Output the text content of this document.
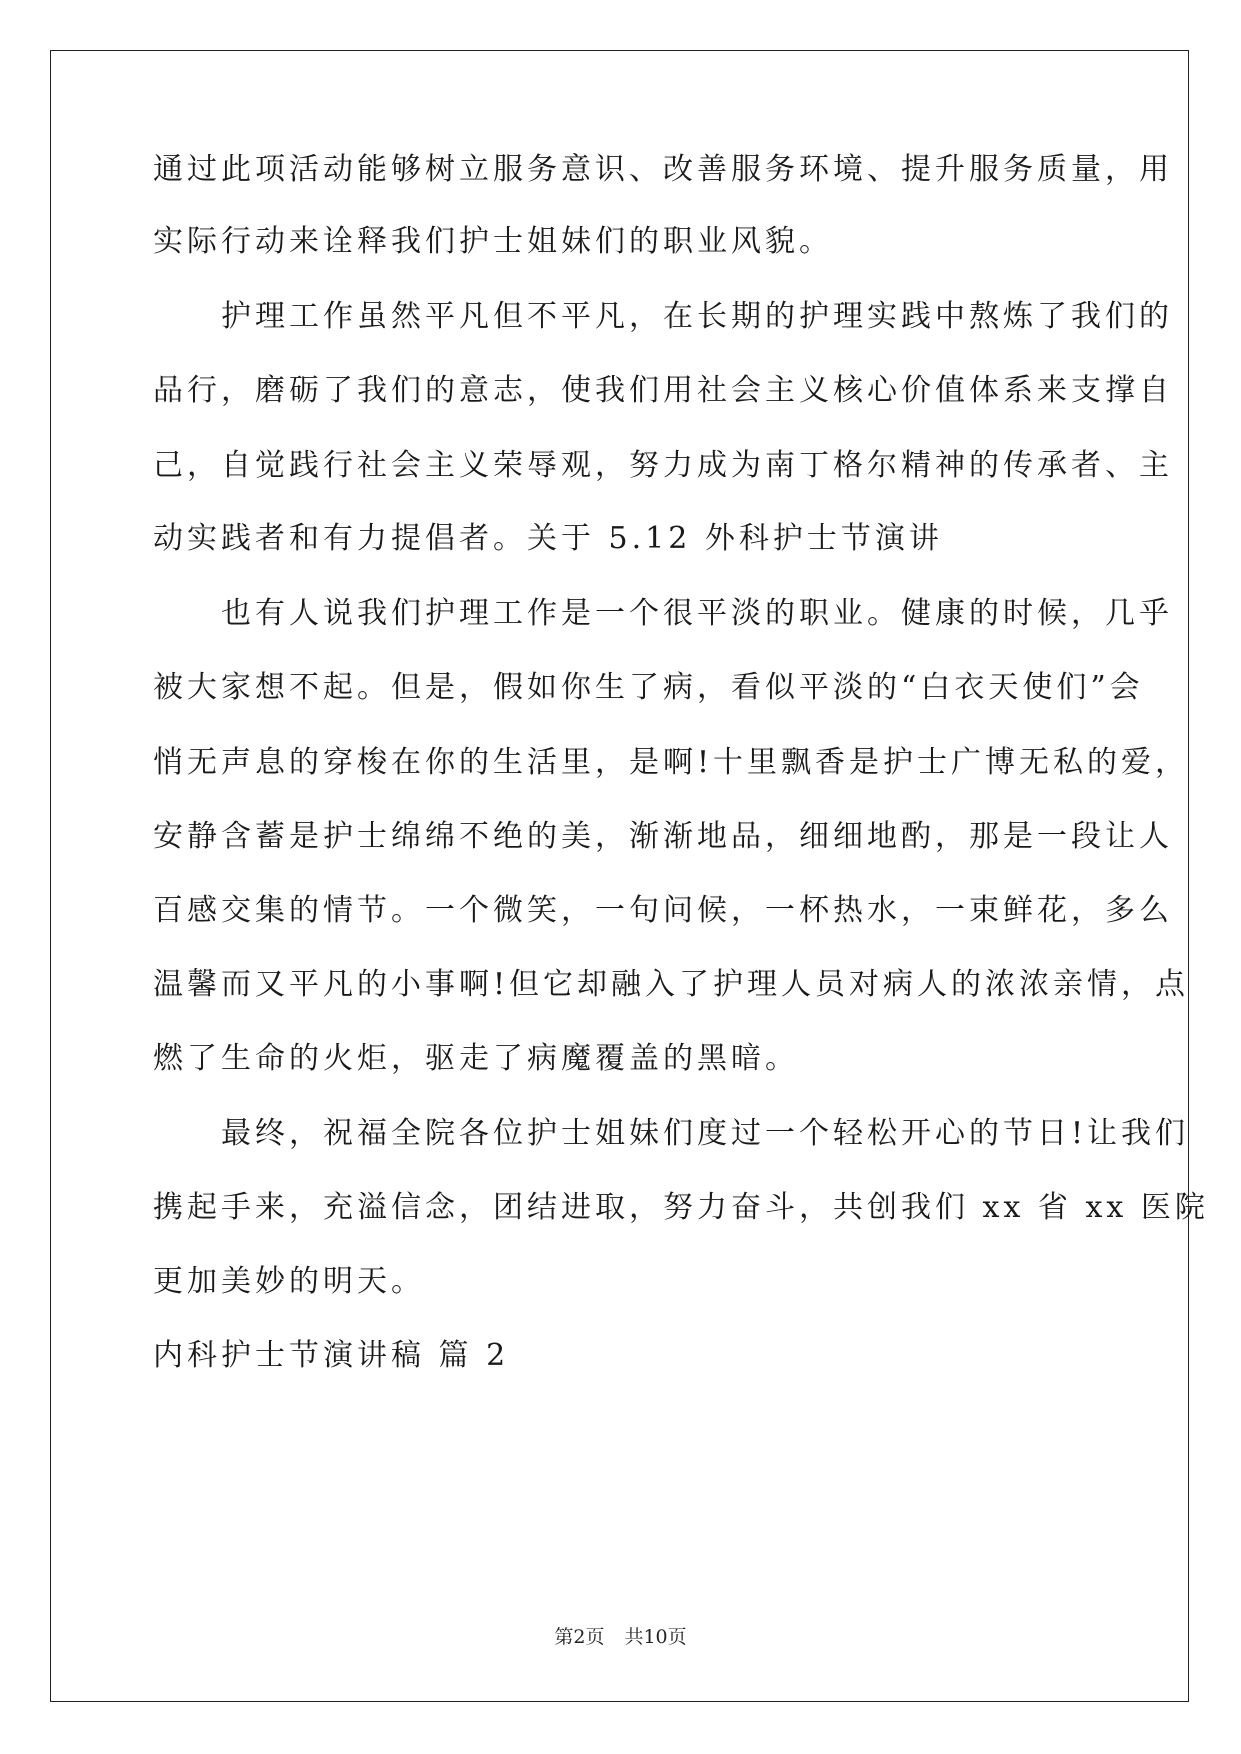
通过此项活动能够树立服务意识、改善服务环境、提升服务质量，用
实际行动来诠释我们护士姐妹们的职业风貌。
　　护理工作虽然平凡但不平凡，在长期的护理实践中熬炼了我们的
品行，磨砺了我们的意志，使我们用社会主义核心价值体系来支撑自
己，自觉践行社会主义荣辱观，努力成为南丁格尔精神的传承者、主
动实践者和有力提倡者。关于 5.12 外科护士节演讲
　　也有人说我们护理工作是一个很平淡的职业。健康的时候，几乎
被大家想不起。但是，假如你生了病，看似平淡的“白衣天使们”会
悄无声息的穿梭在你的生活里，是啊!十里飘香是护士广博无私的爱，
安静含蓄是护士绵绵不绝的美，渐渐地品，细细地酌，那是一段让人
百感交集的情节。一个微笑，一句问候，一杯热水，一束鲜花，多么
温馨而又平凡的小事啊!但它却融入了护理人员对病人的浓浓亲情，点
燃了生命的火炬，驱走了病魔覆盖的黑暗。
　　最终，祝福全院各位护士姐妹们度过一个轻松开心的节日!让我们
携起手来，充溢信念，团结进取，努力奋斗，共创我们 xx 省 xx 医院
更加美妙的明天。
内科护士节演讲稿 篇 2
第2页 共10页
